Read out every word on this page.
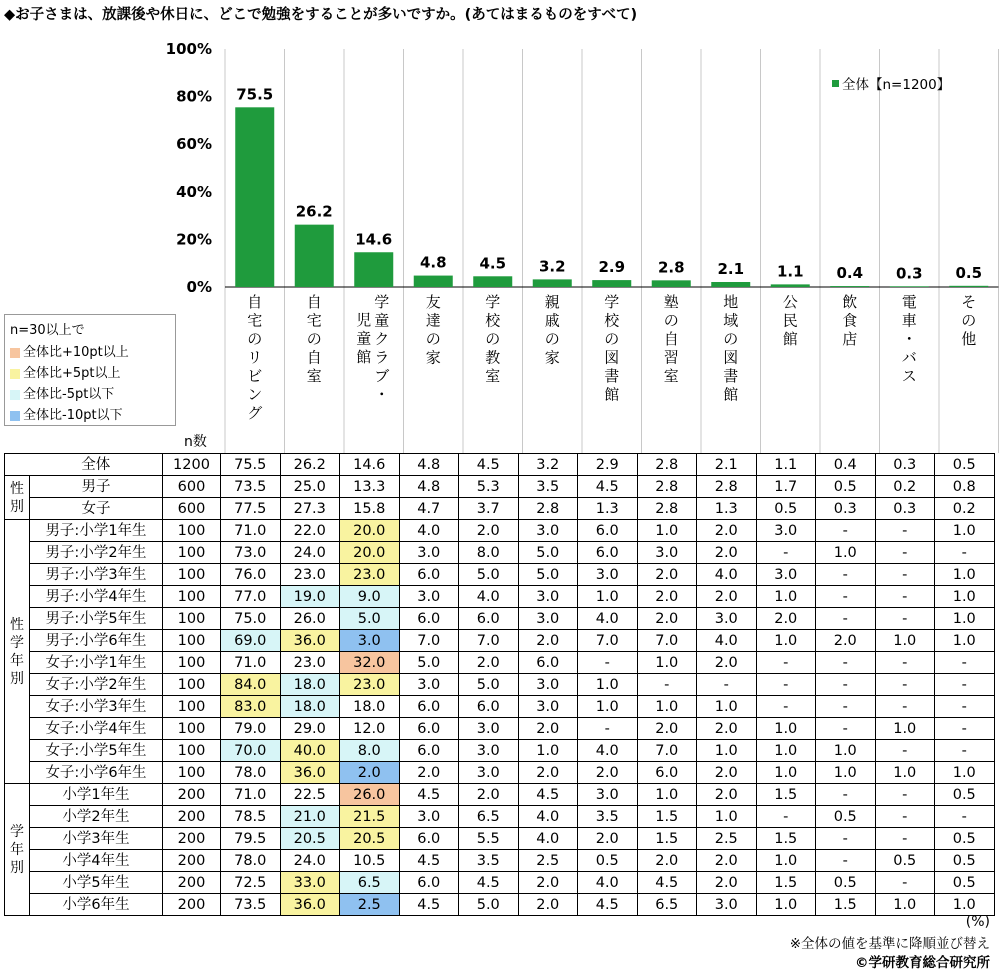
◆お子さまは、放課後や休日に、どこで勉強をすることが多いですか。(あてはまるものをすべて)
0%
20%
40%
60%
80%
100%
75.5
26.2
14.6
4.8 4.5 3.2 2.9 2.8 2.1 1.1 0.4 0.3 0.5
全体【n=1200】
自
宅
の
リ
ビ
ン
グ
自
宅
の
自
室
学
童
ク
ラ
ブ
・
児
童
館
友
達
の
家
学
校
の
教
室
親
戚
の
家
学
校
の
図
書
館
塾
の
自
習
室
地
域
の
図
書
館
公
民
館
飲
食
店
電
車
・
バ
ス
そ
の
他
n=30以上で
全体比+10pt以上
全体比+5pt以上
全体比-5pt以下
全体比-10pt以下
n数
	全体	1200	75.5	26.2	14.6	4.8	4.5	3.2	2.9	2.8	2.1	1.1	0.4	0.3	0.5
性
別	男子	600	73.5	25.0	13.3	4.8	5.3	3.5	4.5	2.8	2.8	1.7	0.5	0.2	0.8
	女子	600	77.5	27.3	15.8	4.7	3.7	2.8	1.3	2.8	1.3	0.5	0.3	0.3	0.2
性
学
年
別	男子:小学1年生	100	71.0	22.0	20.0	4.0	2.0	3.0	6.0	1.0	2.0	3.0	-	-	1.0
	男子:小学2年生	100	73.0	24.0	20.0	3.0	8.0	5.0	6.0	3.0	2.0	-	1.0	-	-
	男子:小学3年生	100	76.0	23.0	23.0	6.0	5.0	5.0	3.0	2.0	4.0	3.0	-	-	1.0
	男子:小学4年生	100	77.0	19.0	9.0	3.0	4.0	3.0	1.0	2.0	2.0	1.0	-	-	1.0
	男子:小学5年生	100	75.0	26.0	5.0	6.0	6.0	3.0	4.0	2.0	3.0	2.0	-	-	1.0
	男子:小学6年生	100	69.0	36.0	3.0	7.0	7.0	2.0	7.0	7.0	4.0	1.0	2.0	1.0	1.0
	女子:小学1年生	100	71.0	23.0	32.0	5.0	2.0	6.0	-	1.0	2.0	-	-	-	-
	女子:小学2年生	100	84.0	18.0	23.0	3.0	5.0	3.0	1.0	-	-	-	-	-	-
	女子:小学3年生	100	83.0	18.0	18.0	6.0	6.0	3.0	1.0	1.0	1.0	-	-	-	-
	女子:小学4年生	100	79.0	29.0	12.0	6.0	3.0	2.0	-	2.0	2.0	1.0	-	1.0	-
	女子:小学5年生	100	70.0	40.0	8.0	6.0	3.0	1.0	4.0	7.0	1.0	1.0	1.0	-	-
	女子:小学6年生	100	78.0	36.0	2.0	2.0	3.0	2.0	2.0	6.0	2.0	1.0	1.0	1.0	1.0
学
年
別	小学1年生	200	71.0	22.5	26.0	4.5	2.0	4.5	3.0	1.0	2.0	1.5	-	-	0.5
	小学2年生	200	78.5	21.0	21.5	3.0	6.5	4.0	3.5	1.5	1.0	-	0.5	-	-
	小学3年生	200	79.5	20.5	20.5	6.0	5.5	4.0	2.0	1.5	2.5	1.5	-	-	0.5
	小学4年生	200	78.0	24.0	10.5	4.5	3.5	2.5	0.5	2.0	2.0	1.0	-	0.5	0.5
	小学5年生	200	72.5	33.0	6.5	6.0	4.5	2.0	4.0	4.5	2.0	1.5	0.5	-	0.5
	小学6年生	200	73.5	36.0	2.5	4.5	5.0	2.0	4.5	6.5	3.0	1.0	1.5	1.0	1.0
(%)
※全体の値を基準に降順並び替え
©学研教育総合研究所
